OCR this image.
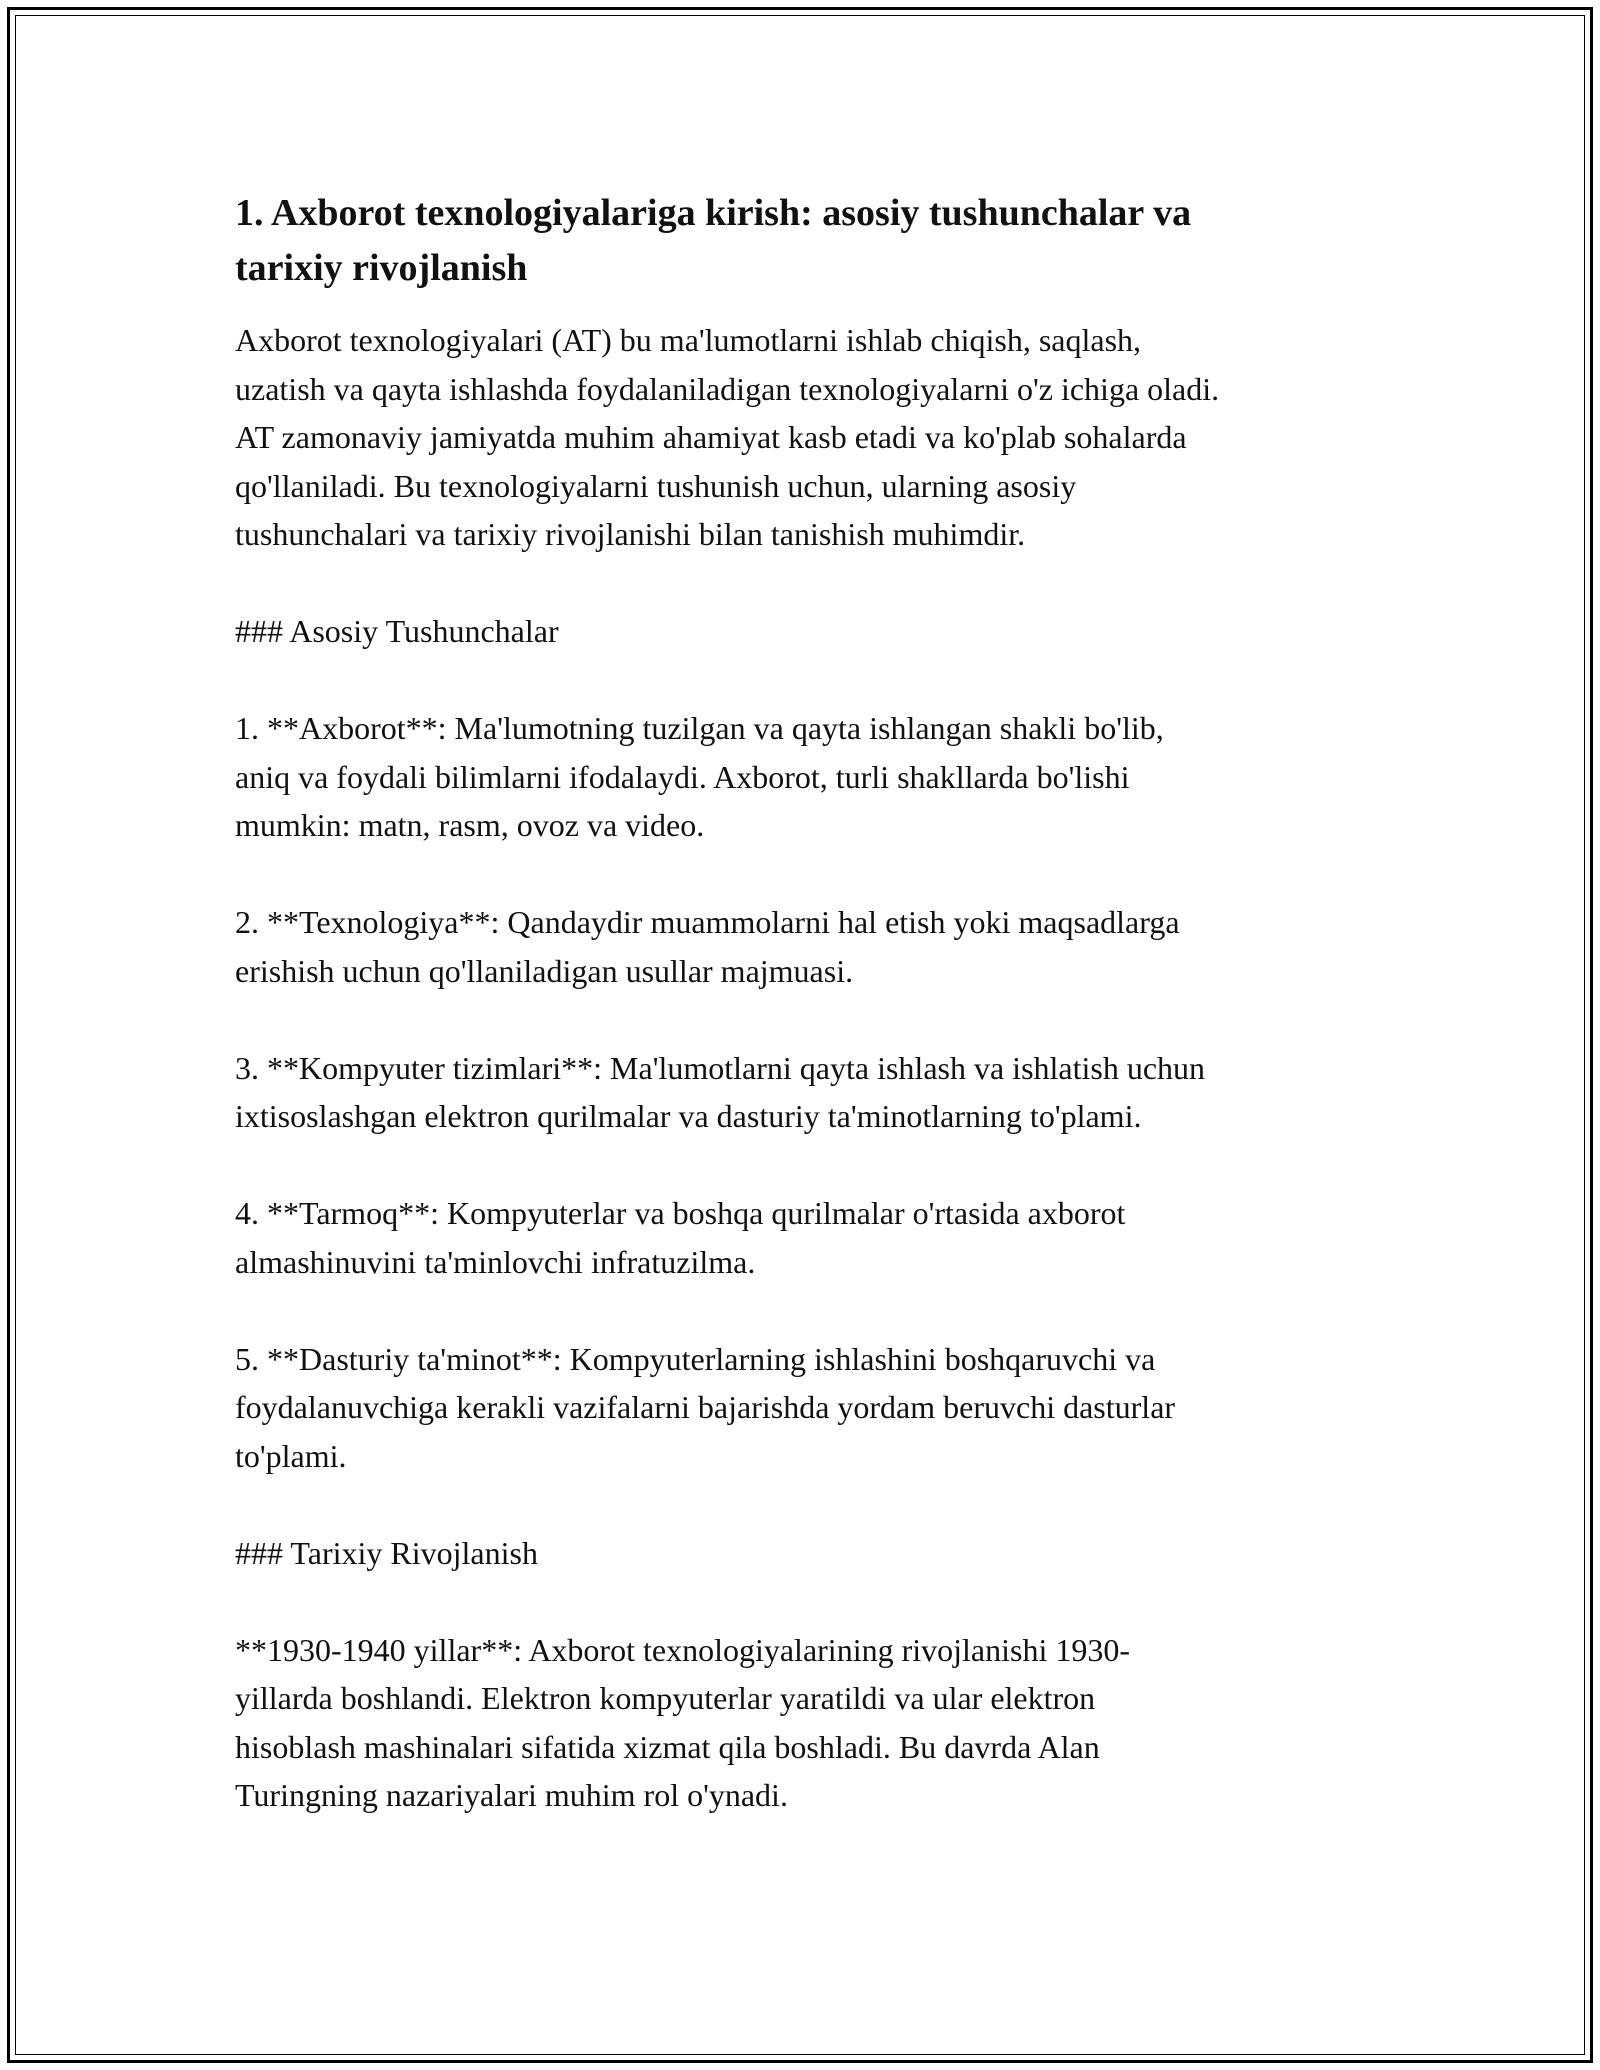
1. Axborot texnologiyalariga kirish: asosiy tushunchalar va
tarixiy rivojlanish

Axborot texnologiyalari (AT) bu ma'lumotlarni ishlab chiqish, saqlash,
uzatish va qayta ishlashda foydalaniladigan texnologiyalarni o'z ichiga oladi.
AT zamonaviy jamiyatda muhim ahamiyat kasb etadi va ko'plab sohalarda
qo'llaniladi. Bu texnologiyalarni tushunish uchun, ularning asosiy
tushunchalari va tarixiy rivojlanishi bilan tanishish muhimdir.

### Asosiy Tushunchalar

1. **Axborot**: Ma'lumotning tuzilgan va qayta ishlangan shakli bo'lib,
aniq va foydali bilimlarni ifodalaydi. Axborot, turli shakllarda bo'lishi
mumkin: matn, rasm, ovoz va video.

2. **Texnologiya**: Qandaydir muammolarni hal etish yoki maqsadlarga
erishish uchun qo'llaniladigan usullar majmuasi.

3. **Kompyuter tizimlari**: Ma'lumotlarni qayta ishlash va ishlatish uchun
ixtisoslashgan elektron qurilmalar va dasturiy ta'minotlarning to'plami.

4. **Tarmoq**: Kompyuterlar va boshqa qurilmalar o'rtasida axborot
almashinuvini ta'minlovchi infratuzilma.

5. **Dasturiy ta'minot**: Kompyuterlarning ishlashini boshqaruvchi va
foydalanuvchiga kerakli vazifalarni bajarishda yordam beruvchi dasturlar
to'plami.

### Tarixiy Rivojlanish

**1930-1940 yillar**: Axborot texnologiyalarining rivojlanishi 1930-
yillarda boshlandi. Elektron kompyuterlar yaratildi va ular elektron
hisoblash mashinalari sifatida xizmat qila boshladi. Bu davrda Alan
Turingning nazariyalari muhim rol o'ynadi.
